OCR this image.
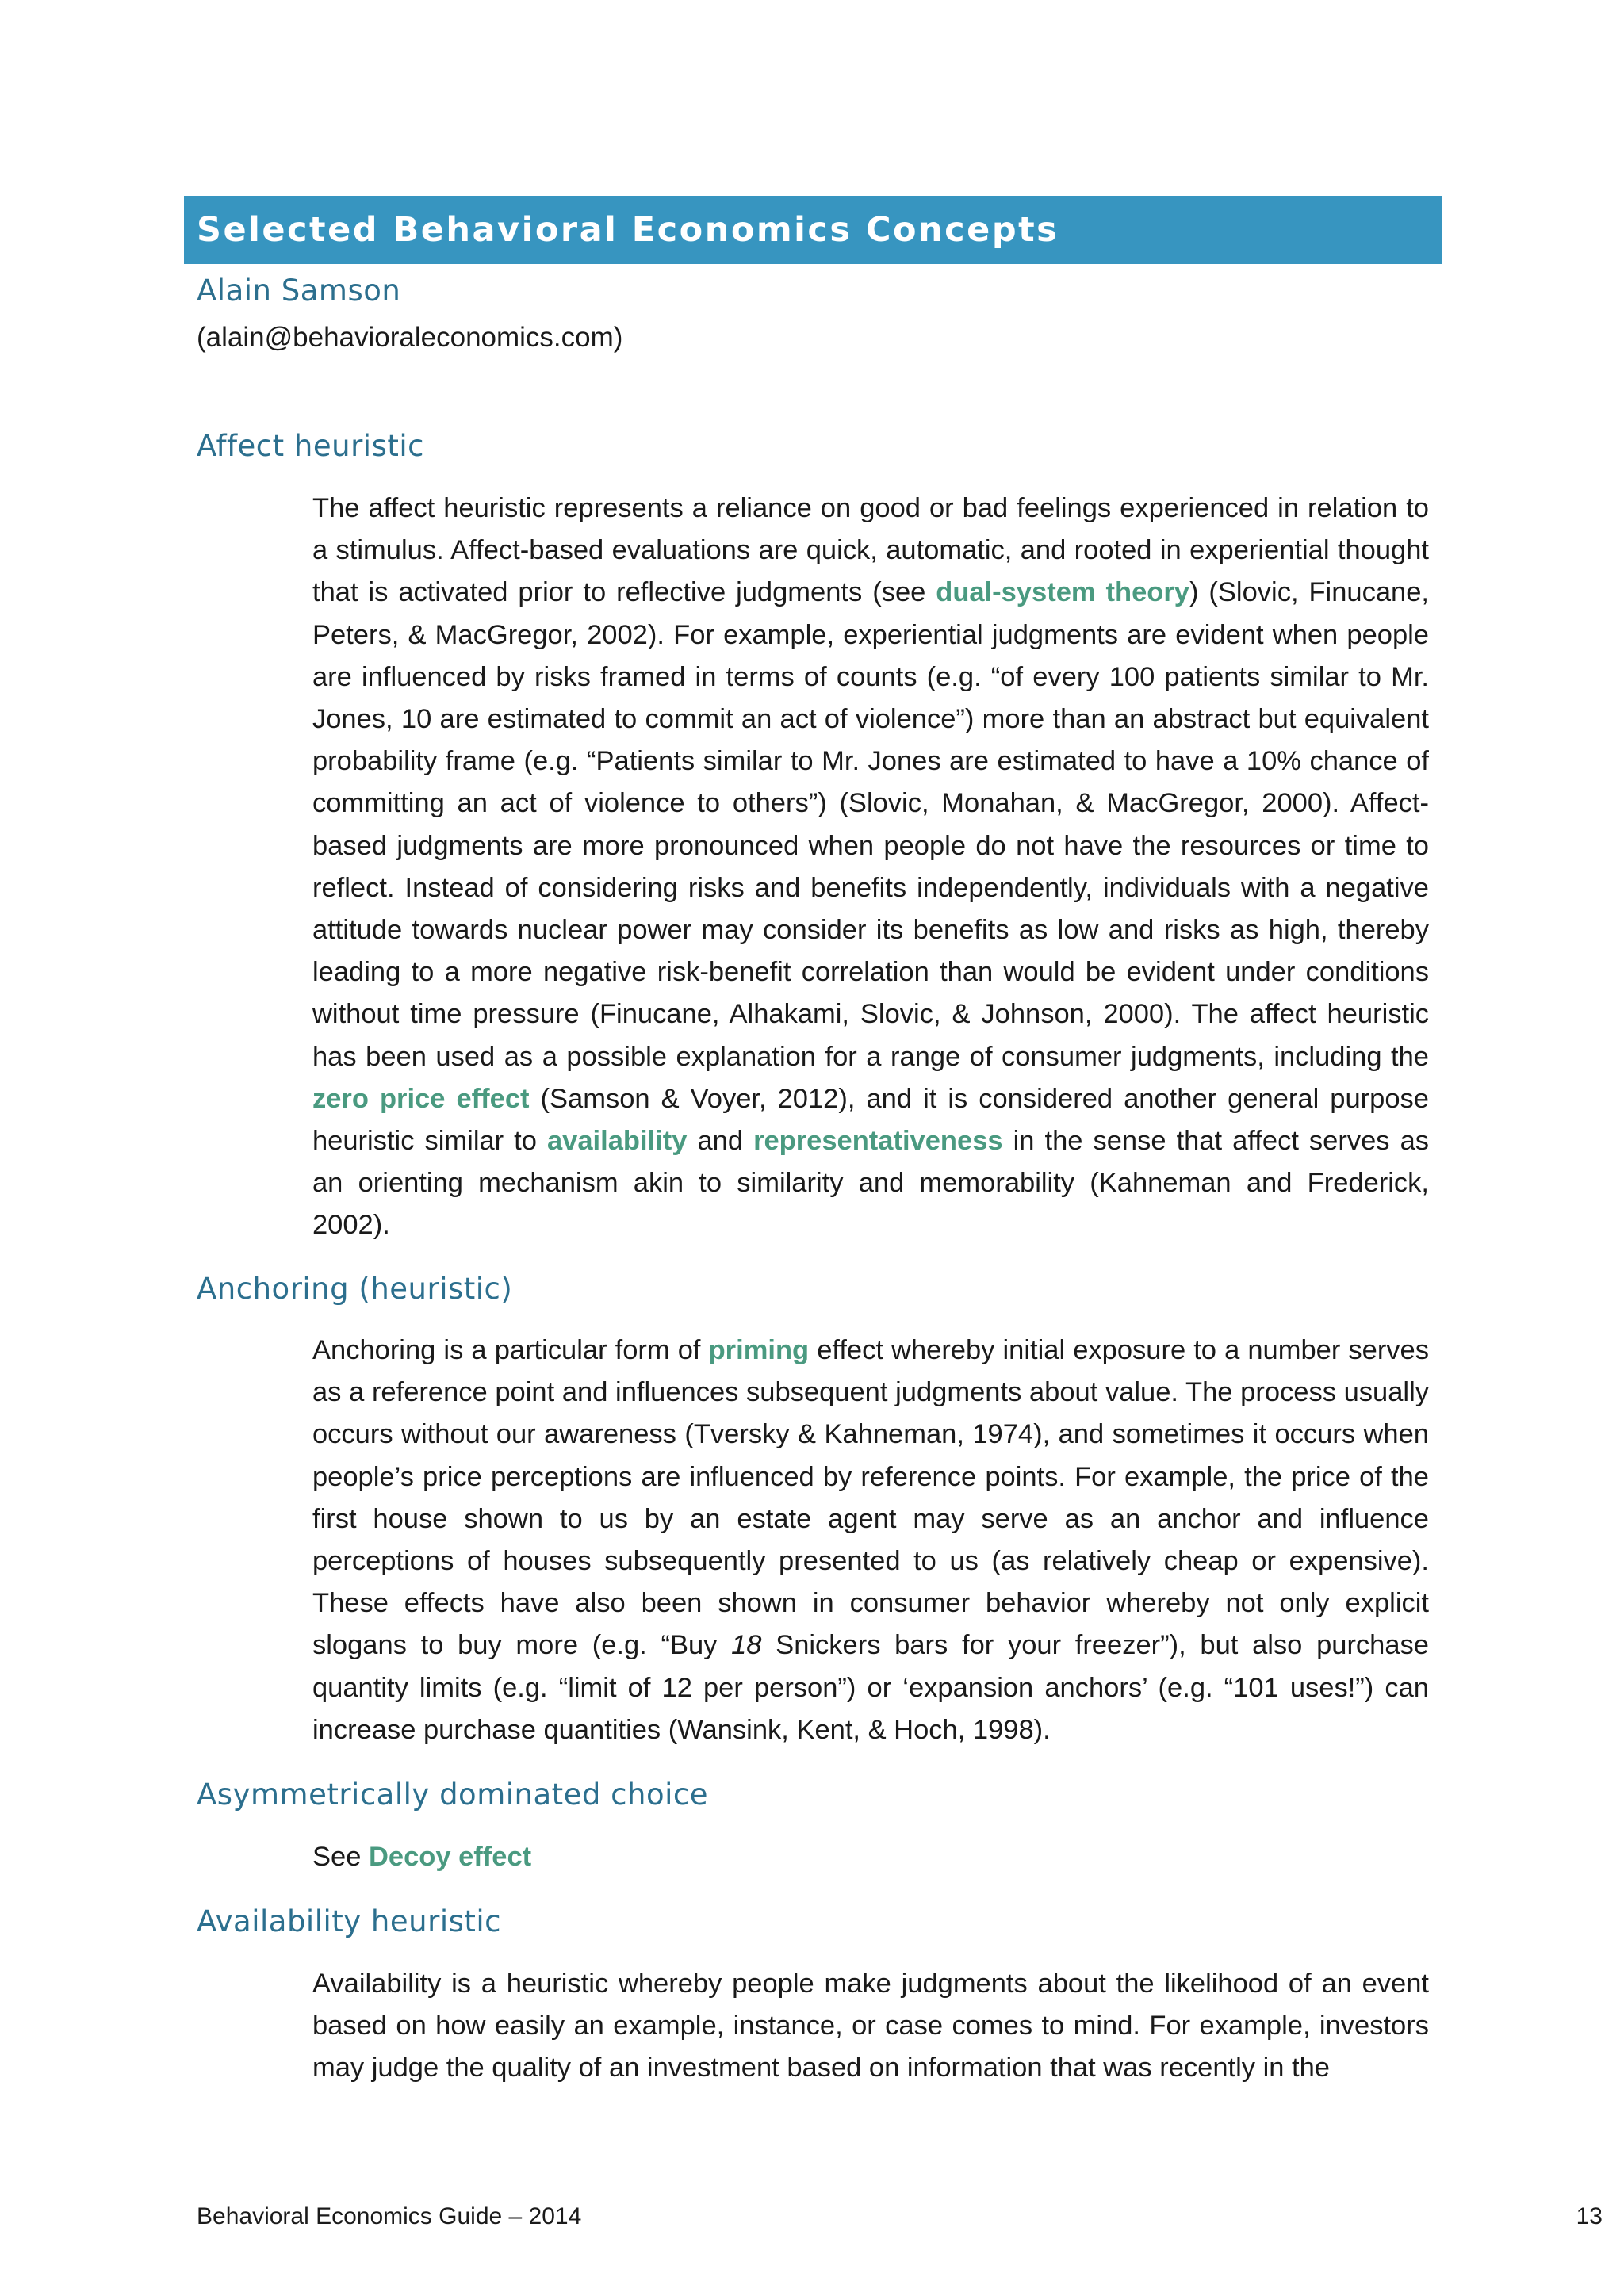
Selected Behavioral Economics Concepts
Alain Samson
(alain@behavioraleconomics.com)
Affect heuristic

The affect heuristic represents a reliance on good or bad feelings experienced in relation to a stimulus. Affect-based evaluations are quick, automatic, and rooted in experiential thought that is activated prior to reflective judgments (see dual-system theory) (Slovic, Finucane, Peters, & MacGregor, 2002). For example, experiential judgments are evident when people are influenced by risks framed in terms of counts (e.g. “of every 100 patients similar to Mr. Jones, 10 are estimated to commit an act of violence”) more than an abstract but equivalent probability frame (e.g. “Patients similar to Mr. Jones are estimated to have a 10% chance of committing an act of violence to others”) (Slovic, Monahan, & MacGregor, 2000). Affect-based judgments are more pronounced when people do not have the resources or time to reflect. Instead of considering risks and benefits independently, individuals with a negative attitude towards nuclear power may consider its benefits as low and risks as high, thereby leading to a more negative risk-benefit correlation than would be evident under conditions without time pressure (Finucane, Alhakami, Slovic, & Johnson, 2000). The affect heuristic has been used as a possible explanation for a range of consumer judgments, including the zero price effect (Samson & Voyer, 2012), and it is considered another general purpose heuristic similar to availability and representativeness in the sense that affect serves as an orienting mechanism akin to similarity and memorability (Kahneman and Frederick, 2002).

Anchoring (heuristic)

Anchoring is a particular form of priming effect whereby initial exposure to a number serves as a reference point and influences subsequent judgments about value. The process usually occurs without our awareness (Tversky & Kahneman, 1974), and sometimes it occurs when people’s price perceptions are influenced by reference points. For example, the price of the first house shown to us by an estate agent may serve as an anchor and influence perceptions of houses subsequently presented to us (as relatively cheap or expensive). These effects have also been shown in consumer behavior whereby not only explicit slogans to buy more (e.g. “Buy 18 Snickers bars for your freezer”), but also purchase quantity limits (e.g. “limit of 12 per person”) or ‘expansion anchors’ (e.g. “101 uses!”) can increase purchase quantities (Wansink, Kent, & Hoch, 1998).

Asymmetrically dominated choice

See Decoy effect

Availability heuristic

Availability is a heuristic whereby people make judgments about the likelihood of an event based on how easily an example, instance, or case comes to mind. For example, investors may judge the quality of an investment based on information that was recently in the

Behavioral Economics Guide – 2014	13
